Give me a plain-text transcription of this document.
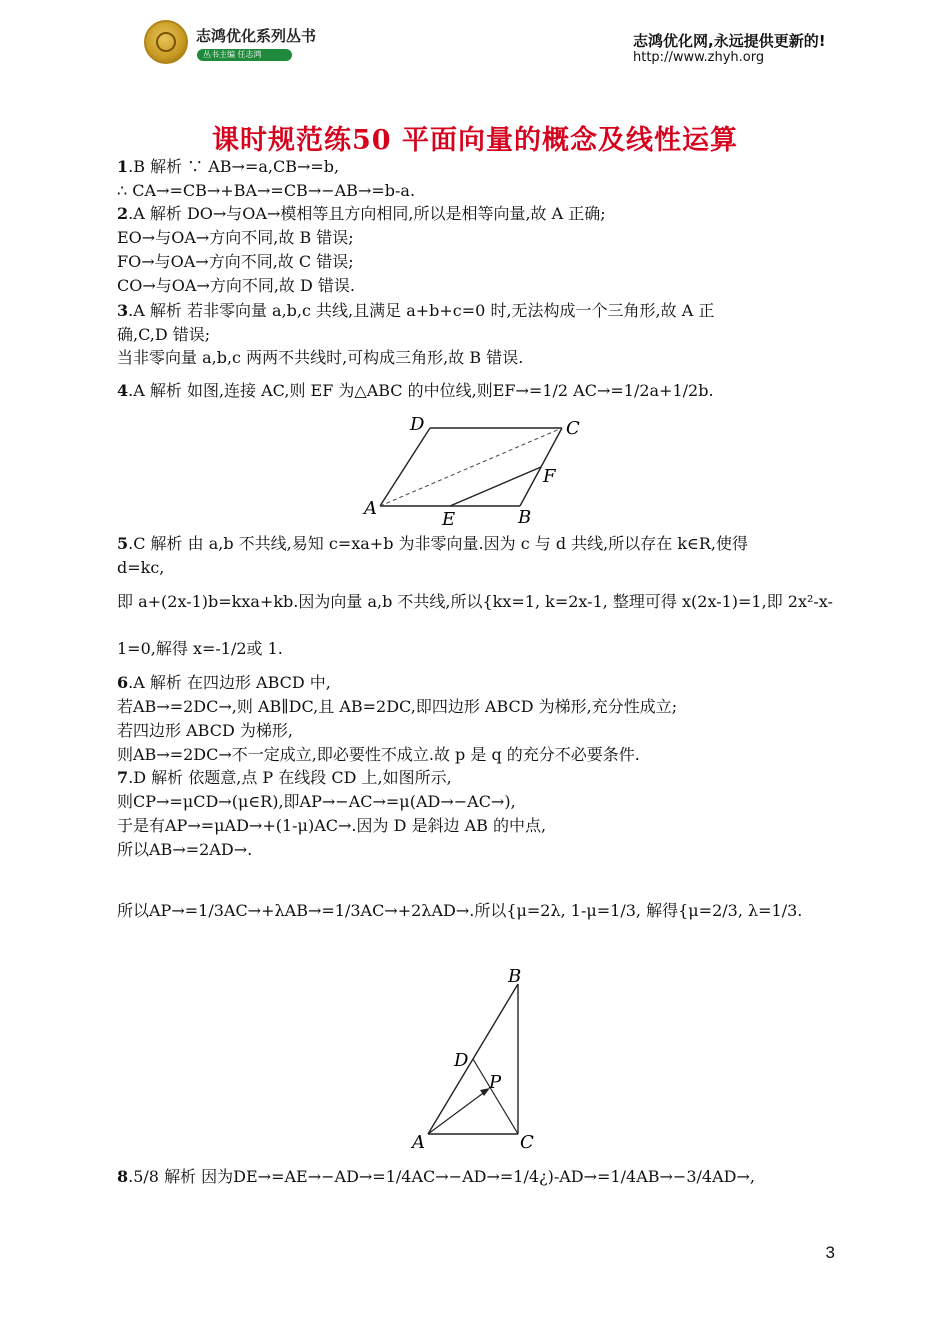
志鸿优化系列丛书
丛书主编 任志鸿
志鸿优化网,永远提供更新的!
http://www.zhyh.org
课时规范练50 平面向量的概念及线性运算
1.B 解析 ∵ AB→=a,CB→=b,
∴ CA→=CB→+BA→=CB→−AB→=b-a.
2.A 解析 DO→与OA→模相等且方向相同,所以是相等向量,故 A 正确;
EO→与OA→方向不同,故 B 错误;
FO→与OA→方向不同,故 C 错误;
CO→与OA→方向不同,故 D 错误.
3.A 解析 若非零向量 a,b,c 共线,且满足 a+b+c=0 时,无法构成一个三角形,故 A 正
确,C,D 错误;
当非零向量 a,b,c 两两不共线时,可构成三角形,故 B 错误.
4.A 解析 如图,连接 AC,则 EF 为△ABC 的中位线,则EF→=1/2 AC→=1/2a+1/2b.
D	C
F
A
E	B
5.C 解析 由 a,b 不共线,易知 c=xa+b 为非零向量.因为 c 与 d 共线,所以存在 k∈R,使得
d=kc,
即 a+(2x-1)b=kxa+kb.因为向量 a,b 不共线,所以{kx=1, k=2x-1, 整理可得 x(2x-1)=1,即 2x²-x-
1=0,解得 x=-1/2或 1.
6.A 解析 在四边形 ABCD 中,
若AB→=2DC→,则 AB∥DC,且 AB=2DC,即四边形 ABCD 为梯形,充分性成立;
若四边形 ABCD 为梯形,
则AB→=2DC→不一定成立,即必要性不成立.故 p 是 q 的充分不必要条件.
7.D 解析 依题意,点 P 在线段 CD 上,如图所示,
则CP→=μCD→(μ∈R),即AP→−AC→=μ(AD→−AC→),
于是有AP→=μAD→+(1-μ)AC→.因为 D 是斜边 AB 的中点,
所以AB→=2AD→.
所以AP→=1/3AC→+λAB→=1/3AC→+2λAD→.所以{μ=2λ, 1-μ=1/3, 解得{μ=2/3, λ=1/3.
B
D
P
A	C
8.5/8 解析 因为DE→=AE→−AD→=1/4AC→−AD→=1/4¿)-AD→=1/4AB→−3/4AD→,
3
